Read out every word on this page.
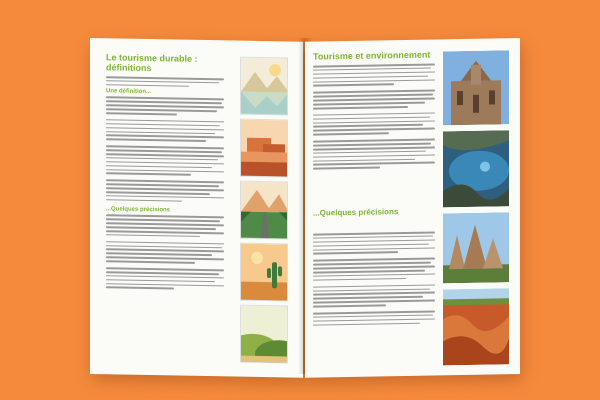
Le tourisme durable : définitions
Une définition...
...Quelques précisions
Tourisme et environnement
...Quelques précisions
